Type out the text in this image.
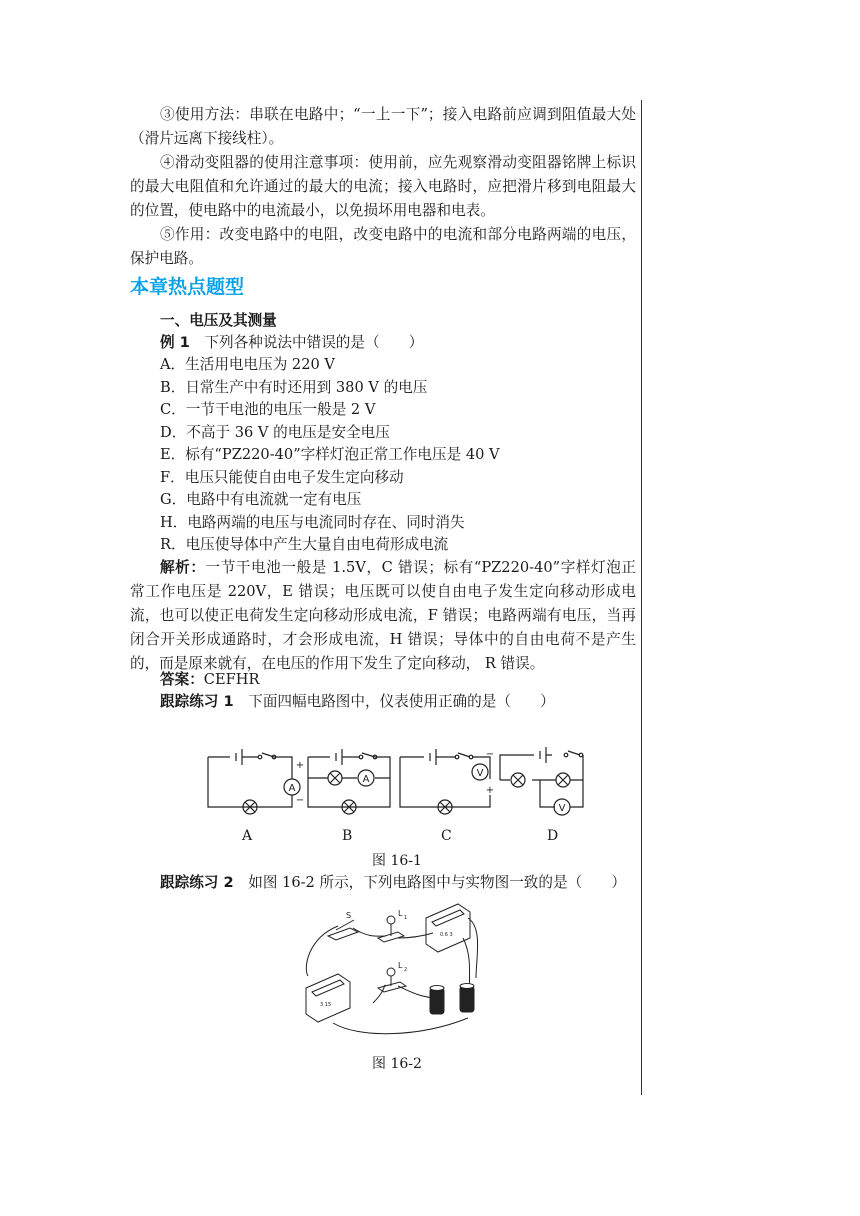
③使用方法：串联在电路中；“一上一下”；接入电路前应调到阻值最大处（滑片远离下接线柱）。
④滑动变阻器的使用注意事项：使用前，应先观察滑动变阻器铭牌上标识的最大电阻值和允许通过的最大的电流；接入电路时，应把滑片移到电阻最大的位置，使电路中的电流最小，以免损坏用电器和电表。
⑤作用：改变电路中的电阻，改变电路中的电流和部分电路两端的电压，保护电路。
本章热点题型
一、电压及其测量
例 1　下列各种说法中错误的是（　　）
A．生活用电电压为 220 V
B．日常生产中有时还用到 380 V 的电压
C．一节干电池的电压一般是 2 V
D．不高于 36 V 的电压是安全电压
E．标有“PZ220-40”字样灯泡正常工作电压是 40 V
F．电压只能使自由电子发生定向移动
G．电路中有电流就一定有电压
H．电路两端的电压与电流同时存在、同时消失
R．电压使导体中产生大量自由电荷形成电流
解析：一节干电池一般是 1.5V，C 错误；标有“PZ220-40”字样灯泡正常工作电压是 220V，E 错误；电压既可以使自由电子发生定向移动形成电流，也可以使正电荷发生定向移动形成电流，F 错误；电路两端有电压，当再闭合开关形成通路时，才会形成电流，H 错误；导体中的自由电荷不是产生的，而是原来就有，在电压的作用下发生了定向移动， R 错误。
答案：CEFHR
跟踪练习 1　下面四幅电路图中，仪表使用正确的是（　　）
A
A
V
V
+
−
−
+
A	B	C	D
图 16-1
跟踪练习 2　如图 16-2 所示，下列电路图中与实物图一致的是（　　）
S	L 1
L 2
0.6 3
3 15
图 16-2
